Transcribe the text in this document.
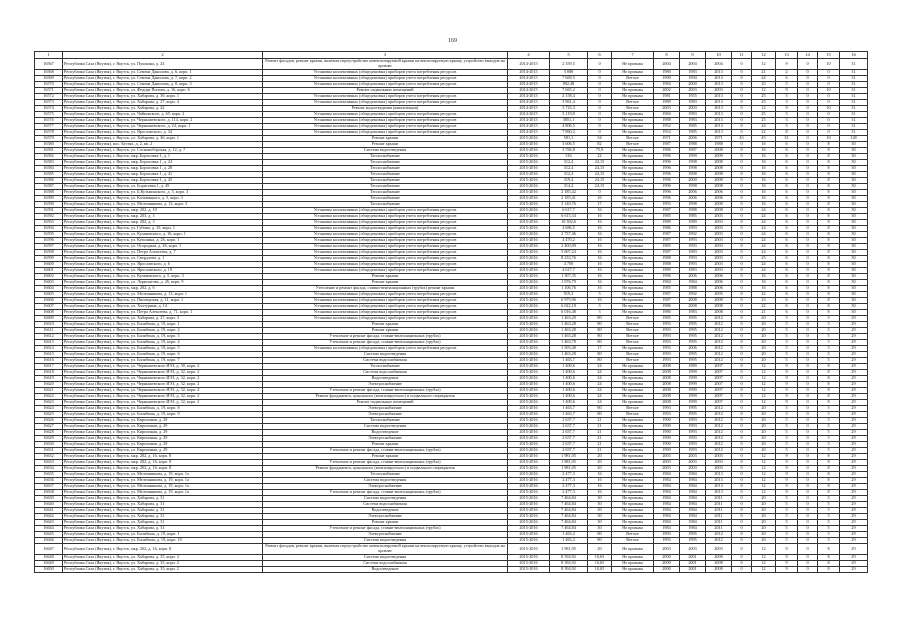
169
1	2	3	4	5	6	7	8	9	10	11	12	13	14	15	16
16567	Республика Саха (Якутия), г. Якутск, ул. Пушкина, д. 24	Ремонт фасадов, ремонт крыши, включая переустройство невентилируемой крыши на вентилируемую крышу, устройство выходов на кровлю	2014-2015	2 359,5	0	Не признан	2004	2004	2004	0	12	9	0	10	31
16568	Республика Саха (Якутия), г. Якутск, ул. Семена Данилова, д. 6, корп. 1	Установка коллективных (общедомовых) приборов учета потребления ресурсов	2014-2015	3 088	0	Не признан	1980	1983	2013	0	21	2	0	0	31
16569	Республика Саха (Якутия), г. Якутск, ул. Семена Данилова, д. 7, корп. 2	Установка коллективных (общедомовых) приборов учета потребления ресурсов	2014-2015	7 669,5	0	Ветхое	1990	1994	2013	0	24	6	0	0	31
16570	Республика Саха (Якутия), г. Якутск, ул. Семена Данилова, д. 8, корп. 3	Установка коллективных (общедомовых) приборов учета потребления ресурсов	2014-2015	892,48	0	Не признан	1984	2000	2013	0	25	5	0	0	31
16571	Республика Саха (Якутия), г. Якутск, ул. Федора Попова, д. 16, корп. 6	Ремонт подвальных помещений	2014-2015	7 665,2	0	Не признан	2002	2003	2003	0	12	9	0	10	31
16572	Республика Саха (Якутия), г. Якутск, ул. Хабарова, д. 39, корп. 1	Установка коллективных (общедомовых) приборов учета потребления ресурсов	2014-2015	2 158,4	0	Не признан	1981	1955	2013	0	25	5	0	0	31
16573	Республика Саха (Якутия), г. Якутск, ул. Хабарова, д. 27, корп. 4	Установка коллективных (общедомовых) приборов учета потребления ресурсов	2014-2015	3 961,4	0	Ветхое	1989	1983	2013	0	25	3	0	0	31
16574	Республика Саха (Якутия), г. Якутск, ул. Хабарова, д. 42	Ремонт водоотведения (канализации)	2014-2015	3 723,3	0	Ветхое	2003	2003	2013	0	12	9	0	10	31
16575	Республика Саха (Якутия), г. Якутск, ул. Чайковского, д. 65, корп. 2	Установка коллективных (общедомовых) приборов учета потребления ресурсов	2014-2015	3 119,8	0	Не признан	1984	1983	2013	0	25	5	0	0	31
16576	Республика Саха (Якутия), г. Якутск, ул. Чернышевского, д. 114, корп. 2	Установка коллективных (общедомовых) приборов учета потребления ресурсов	2014-2015	3851,1	0	Не признан	1988	1983	2013	0	25	3	0	0	31
16577	Республика Саха (Якутия), г. Якутск, ул. Чернышевского, д. 24, корп. 1	Установка коллективных (общедомовых) приборов учета потребления ресурсов	2014-2015	4 806,5	0	Не признан	1952	1985	2013	0	24	5	0	0	31
16578	Республика Саха (Якутия), г. Якутск, ул. Ярославского, д. 34	Установка коллективных (общедомовых) приборов учета потребления ресурсов	2014-2015	7 860,2	0	Не признан	1954	1985	2013	0	22	8	0	0	31
16579	Республика Саха (Якутия), г. Якутск, ул. Хабарова, д. 46, корп. 1	Ремонт крыши	2015-2016	581,1	54	Ветхое	1971	2006	1971	43	45	31	0	10	128
16580	Республика Саха (Якутия), пос. Бестях, д. 2, кв. 2	Ремонт крыши	2015-2016	3 606,5	82	Ветхое	1987	1988	1988	0	16	6	0	8	30
16581	Республика Саха (Якутия), г. Якутск, ул. Сосновоборская, д. 12, д. 7	Система водоотведения	2015-2016	3 784,8	75,9	Не признан	1986	1987	2008	0	16	6	0	8	30
16582	Республика Саха (Якутия), г. Якутск, мкр. Борисовка 1, д. 1	Теплоснабжение	2015-2016	316	22	Не признан	1996	1999	2009	0	16	6	0	8	30
16583	Республика Саха (Якутия), г. Якутск, мкр. Борисовка 1, д. 24	Теплоснабжение	2015-2016	312,4	24,15	Не признан	1996	1998	2008	0	16	6	0	8	30
16584	Республика Саха (Якутия), г. Якутск, мкр. Борисовка 1, д. 28	Теплоснабжение	2015-2016	312,4	24,15	Не признан	1996	1998	2008	0	16	6	0	8	30
16585	Республика Саха (Якутия), г. Якутск, мкр. Борисовка 1, д. 41	Теплоснабжение	2015-2016	312,4	24,15	Не признан	1996	1998	2008	0	16	6	0	8	30
16586	Республика Саха (Якутия), г. Якутск, мкр. Борисовка 1, д. 45	Теплоснабжение	2015-2016	319,4	24,15	Не признан	1996	2000	2008	0	16	6	0	8	30
16587	Республика Саха (Якутия), г. Якутск, ул. Борисовка 1, д. 49	Теплоснабжение	2015-2016	314,4	24,15	Не признан	1996	1998	2008	0	16	6	0	8	30
16588	Республика Саха (Якутия), г. Якутск, ул. Б.Кузьминского, д. 5, корп. 3	Теплоснабжение	2015-2016	2 185,42	0	Не признан	1996	2006	2006	0	16	6	0	8	30
16589	Республика Саха (Якутия), г. Якутск, ул. Кальвицкого, д. 5, корп. 3	Теплоснабжение	2015-2016	2 185,41	16	Не признан	1996	2006	2006	0	16	6	0	8	30
16590	Республика Саха (Якутия), г. Якутск, ул. Мелешникова, д. 12, корп. 3	Теплоснабжение	2015-2016	3 140,76	17	Не признан	1993	1998	2008	0	16	6	0	8	30
16591	Республика Саха (Якутия), г. Якутск, мкр. 202, д. 10	Установка коллективных (общедомовых) приборов учета потребления ресурсов	2015-2016	6 617,7	16	Не признан	1987	1988	2008	0	24	6	0	8	30
16592	Республика Саха (Якутия), г. Якутск, мкр. 203, д. 3	Установка коллективных (общедомовых) приборов учета потребления ресурсов	2015-2016	6 615,34	16	Не признан	1985	1985	2003	0	24	6	0	8	30
16593	Республика Саха (Якутия), г. Якутск, мкр. 202, д. 3	Установка коллективных (общедомовых) приборов учета потребления ресурсов	2015-2016	10 302,6	16	Не признан	1989	1989	2003	0	24	6	0	8	30
16594	Республика Саха (Якутия), г. Якутск, ул. Губина, д. 35, корп. 1	Установка коллективных (общедомовых) приборов учета потребления ресурсов	2015-2016	4 686,5	16	Не признан	1986	1993	2003	0	24	6	0	8	30
16595	Республика Саха (Якутия), г. Якутск, ул. Кулаковского, д. 16, корп. 1	Установка коллективных (общедомовых) приборов учета потребления ресурсов	2015-2016	2 737,46	16	Не признан	1987	1992	2003	0	24	6	0	8	30
16596	Республика Саха (Якутия), г. Якутск, ул. Кузьмина, д. 26, корп. 1	Установка коллективных (общедомовых) приборов учета потребления ресурсов	2015-2016	4 470,2	16	Не признан	1987	1993	2003	0	24	6	0	8	30
16597	Республика Саха (Якутия), г. Якутск, ул. Огородная, д. 26, корп. 1	Установка коллективных (общедомовых) приборов учета потребления ресурсов	2015-2016	2 400,09	16	Не признан	1985	1993	2003	0	24	6	0	8	30
16598	Республика Саха (Якутия), г. Якутск, ул. Петра Алексеева, д. 7	Установка коллективных (общедомовых) приборов учета потребления ресурсов	2015-2016	5 607,24	16	Не признан	1987	1983	2003	0	24	6	0	8	30
16599	Республика Саха (Якутия), г. Якутск, ул. Свердлова, д. 1	Установка коллективных (общедомовых) приборов учета потребления ресурсов	2015-2016	8 233,76	16	Не признан	1988	1993	2003	0	25	6	0	8	30
16600	Республика Саха (Якутия), г. Якутск, ул. Ярославского, д. 6	Установка коллективных (общедомовых) приборов учета потребления ресурсов	2015-2016	4 700	16	Не признан	1988	1993	2003	0	24	6	0	8	30
16601	Республика Саха (Якутия), г. Якутск, ул. Ярославского, д. 19	Установка коллективных (общедомовых) приборов учета потребления ресурсов	2015-2016	4 617,7	16	Не признан	1989	1983	2003	0	24	6	0	8	30
16602	Республика Саха (Якутия), г. Якутск, ул. Кулаковского, д. 5, корп. 3	Ремонт крыши	2015-2016	1 307,35	16	Не признан	1996	2006	2006	0	16	6	0	8	30
16603	Республика Саха (Якутия), г. Якутск, ул. Лермонтова, д. 26, корп. 9	Ремонт крыши	2015-2016	1 076,79	16	Не признан	1984	1984	2006	0	16	6	0	8	30
16604	Республика Саха (Якутия), г. Якутск, мкр. 202, д. 6	Утепление и ремонт фасада, ставни-вентиляционных (трубах) ремонт крыши	2015-2016	1 106,76	16	Не признан	1985	1988	2006	0	16	6	0	8	30
16605	Республика Саха (Якутия), г. Якутск, ул. Мелешникова, д. 13, корп. 1	Установка коллективных (общедомовых) приборов учета потребления ресурсов	2015-2016	919,3	5	Не признан	1987	1992	2005	0	22	6	0	8	30
16606	Республика Саха (Якутия), г. Якутск, ул. Пионерская, д. 11, корп. 1	Установка коллективных (общедомовых) приборов учета потребления ресурсов	2015-2016	6 975,96	16	Не признан	1987	2008	2008	0	23	6	0	8	30
16607	Республика Саха (Якутия), г. Якутск, ул. Халтурина, д. 14	Установка коллективных (общедомовых) приборов учета потребления ресурсов	2015-2016	6 022,18	3	Не признан	1986	2008	2008	0	22	6	0	8	30
16608	Республика Саха (Якутия), г. Якутск, ул. Петра Алексеева, д. 71, корп. 1	Установка коллективных (общедомовых) приборов учета потребления ресурсов	2015-2016	6 016,48	3	Не признан	1986	1983	2008	0	21	6	0	8	30
16609	Республика Саха (Якутия), г. Якутск, ул. Хабарова, д. 27, корп. 3	Установка коллективных (общедомовых) приборов учета потребления ресурсов	2015-2016	1 463,29	80	Ветхое	1985	1995	2012	0	20	5	0	5	29
16610	Республика Саха (Якутия), г. Якутск, ул. Билибина, д. 19, корп. 1	Ремонт крыши	2015-2016	1 463,28	80	Ветхое	1993	1995	2012	0	20	5	0	5	29
16611	Республика Саха (Якутия), г. Якутск, ул. Билибина, д. 19, корп. 2	Ремонт крыши	2015-2016	1 463,28	80	Ветхое	1993	1995	2012	0	20	5	0	5	29
16612	Республика Саха (Якутия), г. Якутск, ул. Билибина, д. 19, корп. 3	Утепление и ремонт фасада, ставни-вентиляционных (трубах)	2015-2016	1 463,28	80	Ветхое	1993	1995	2012	0	20	5	0	5	29
16613	Республика Саха (Якутия), г. Якутск, ул. Билибина, д. 19, корп. 4	Утепление и ремонт фасада, ставни-вентиляционных (трубах)	2015-2016	1 463,78	80	Ветхое	1993	1995	2012	0	20	5	0	5	29
16614	Республика Саха (Якутия), г. Якутск, ул. Билибина, д. 19, корп. 5	Установка коллективных (общедомовых) приборов учета потребления ресурсов	2015-2016	1 503,48	17	Не признан	1993	2006	2012	0	20	5	0	5	29
16615	Республика Саха (Якутия), г. Якутск, ул. Билибина, д. 19, корп. 6	Система водоотведения	2015-2016	1 463,28	80	Ветхое	1993	1995	2012	0	20	5	0	5	29
16616	Республика Саха (Якутия), г. Якутск, ул. Билибина, д. 19, корп. 7	Система водоснабжения	2015-2016	1 463,7	80	Ветхое	1993	1995	2012	0	20	5	0	5	29
16617	Республика Саха (Якутия), г. Якутск, ул. Чернышевского ИЭЗ, д. 30, корп. 2	Теплоснабжение	2015-2016	1 400,6	24	Не признан	2008	1989	2007	0	12	9	0	8	29
16618	Республика Саха (Якутия), г. Якутск, ул. Чернышевского ИЭЗ, д. 32, корп. 2	Система водоснабжения	2015-2016	1 400,6	24	Не признан	2008	1999	2007	0	12	9	0	8	29
16619	Республика Саха (Якутия), г. Якутск, ул. Чернышевского ИЭЗ, д. 32, корп. 2	Водоотведение	2015-2016	1 400,6	24	Не признан	2008	1999	2007	0	12	9	0	8	29
16620	Республика Саха (Якутия), г. Якутск, ул. Чернышевского ИЭЗ, д. 32, корп. 2	Электроснабжение	2015-2016	1 400,6	24	Не признан	2008	1999	2007	0	12	9	0	8	29
16621	Республика Саха (Якутия), г. Якутск, ул. Чернышевского ИЭЗ, д. 32, корп. 2	Утепление и ремонт фасада, ставни-вентиляционных (трубах)	2015-2016	1 400,6	24	Не признан	2008	1999	2007	0	12	9	0	8	29
16622	Республика Саха (Якутия), г. Якутск, ул. Чернышевского ИЭЗ, д. 32, корп. 2	Ремонт фундамента, цокольного (вентилируемого) и подвального перекрытия	2015-2016	1 400,6	24	Не признан	2008	1999	2007	0	12	9	0	8	29
16623	Республика Саха (Якутия), г. Якутск, ул. Чернышевского ИЭЗ, д. 32, корп. 2	Ремонт подвальных помещений	2015-2016	1 400,6	24	Не признан	2008	1999	2007	0	12	9	0	8	29
16624	Республика Саха (Якутия), г. Якутск, ул. Билибина, д. 19, корп. 8	Электроснабжение	2015-2016	1 463,7	80	Ветхое	1993	1995	2012	0	20	5	0	5	29
16625	Республика Саха (Якутия), г. Якутск, ул. Билибина, д. 19, корп. 9	Электроснабжение	2015-2016	1 463,7	80	Ветхое	1993	1995	2012	0	20	5	0	5	29
16626	Республика Саха (Якутия), г. Якутск, ул. Кирпичная, д. 29	Теплоснабжение	2015-2016	2 637,7	21	Не признан	1990	1993	2012	0	20	5	0	5	29
16627	Республика Саха (Якутия), г. Якутск, ул. Кирпичная, д. 29	Система водоотведения	2015-2016	2 637,7	21	Не признан	1990	1993	2012	0	20	5	0	5	29
16628	Республика Саха (Якутия), г. Якутск, ул. Кирпичная, д. 29	Водоотведение	2015-2016	2 637,7	21	Не признан	1990	1993	2012	0	20	5	0	5	29
16629	Республика Саха (Якутия), г. Якутск, ул. Кирпичная, д. 29	Электроснабжение	2015-2016	2 637,7	21	Не признан	1990	1993	2012	0	20	5	0	5	29
16630	Республика Саха (Якутия), г. Якутск, ул. Кирпичная, д. 29	Ремонт крыши	2015-2016	2 637,7	21	Не признан	1990	1993	2012	0	20	5	0	5	29
16631	Республика Саха (Якутия), г. Якутск, ул. Кирпичная, д. 29	Утепление и ремонт фасада, ставни-вентиляционных (трубах)	2015-2016	2 637,7	21	Не признан	1990	1993	2012	0	20	5	0	5	29
16632	Республика Саха (Якутия), г. Якутск, мкр. 202, д. 16, корп. 8	Ремонт крыши	2015-2016	1 981,05	20	Не признан	2003	2003	2003	0	12	9	0	8	29
16633	Республика Саха (Якутия), г. Якутск, мкр. 202, д. 16, корп. 8	Утепление и ремонт фасада, ставни-вентиляционных (трубах)	2015-2016	1 981,05	20	Не признан	2003	2003	2003	0	12	9	0	8	29
16634	Республика Саха (Якутия), г. Якутск, мкр. 202, д. 16, корп. 8	Ремонт фундамента, цокольного (вентилируемого) и подвального перекрытия	2015-2016	1 981,05	20	Не признан	2003	2003	2003	0	12	9	0	8	29
16635	Республика Саха (Якутия), г. Якутск, ул. Мелешникова, д. 19, корп. 1а	Теплоснабжение	2015-2016	2 477,3	16	Не признан	1984	1984	2013	0	12	9	0	8	29
16636	Республика Саха (Якутия), г. Якутск, ул. Мелешникова, д. 19, корп. 1а	Система водоотведения	2015-2016	2 477,3	16	Не признан	1984	1984	2013	0	12	9	0	8	29
16637	Республика Саха (Якутия), г. Якутск, ул. Мелешникова, д. 19, корп. 1а	Электроснабжение	2015-2016	2 477,3	16	Не признан	1984	1984	2013	0	12	9	0	8	29
16638	Республика Саха (Якутия), г. Якутск, ул. Мелешникова, д. 19, корп. 1а	Утепление и ремонт фасада, ставни-вентиляционных (трубах)	2015-2016	2 477,3	16	Не признан	1984	1984	2013	0	12	9	0	8	29
16639	Республика Саха (Якутия), г. Якутск, ул. Хабарова, д. 31	Система водоотведения	2015-2016	7 464,84	30	Не признан	1984	1984	2011	0	20	5	0	5	29
16640	Республика Саха (Якутия), г. Якутск, ул. Хабарова, д. 31	Система водоснабжения	2015-2016	7 464,84	30	Не признан	1984	1984	2011	0	20	5	0	5	29
16641	Республика Саха (Якутия), г. Якутск, ул. Хабарова, д. 31	Водоотведение	2015-2016	7 464,84	30	Не признан	1984	1984	2011	0	20	5	0	5	29
16642	Республика Саха (Якутия), г. Якутск, ул. Хабарова, д. 31	Электроснабжение	2015-2016	7 464,84	30	Не признан	1984	1984	2011	0	20	5	0	5	29
16643	Республика Саха (Якутия), г. Якутск, ул. Хабарова, д. 31	Ремонт крыши	2015-2016	7 464,84	30	Не признан	1984	1984	2011	0	20	5	0	5	29
16644	Республика Саха (Якутия), г. Якутск, ул. Хабарова, д. 31	Утепление и ремонт фасада, ставни-вентиляционных (трубах)	2015-2016	7 464,84	30	Не признан	1984	1984	2011	0	20	5	0	5	29
16645	Республика Саха (Якутия), г. Якутск, ул. Билибина, д. 19, корп. 1	Электроснабжение	2015-2016	1 463,2	80	Ветхое	1993	1995	2012	0	20	5	0	5	29
16646	Республика Саха (Якутия), г. Якутск, ул. Билибина, д. 19, корп. 10	Система водоотведения	2015-2016	1 463,2	80	Ветхое	1993	1995	2012	0	20	5	0	5	29
16647	Республика Саха (Якутия), г. Якутск, мкр. 202, д. 16, корп. 8	Ремонт фасадов, ремонт крыши, включая переустройство невентилируемой крыши на вентилируемую крышу, устройство выходов на кровлю	2015-2016	1 981,05	20	Не признан	2003	2003	2003	0	12	9	0	8	29
16648	Республика Саха (Якутия), г. Якутск, ул. Хабарова, д. 35, корп. 2	Система водоотведения	2015-2016	8 394,92	10,65	Не признан	2000	2001	2008	0	12	9	0	8	29
16649	Республика Саха (Якутия), г. Якутск, ул. Хабарова, д. 35, корп. 2	Система водоснабжения	2015-2016	8 394,92	10,65	Не признан	2000	2001	2008	0	12	9	0	8	29
16650	Республика Саха (Якутия), г. Якутск, ул. Хабарова, д. 35, корп. 2	Водоотведение	2015-2016	8 394,92	10,65	Не признан	2000	2001	2008	0	12	9	0	8	29
